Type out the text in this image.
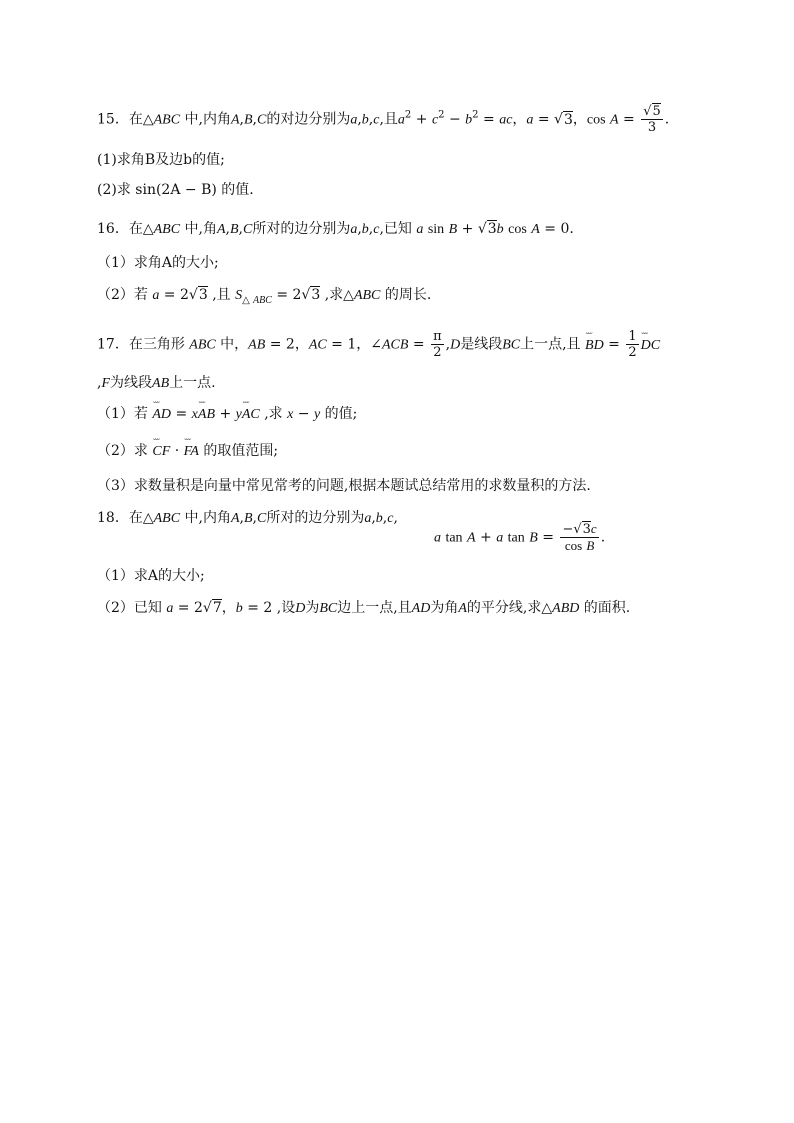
15．在△ABC 中,内角A,B,C的对边分别为a,b,c,且$a^2 + c^2 - b^2$ = ac，a = √3，$\cos A = \frac{√5}{3}$ .
(1)求角B及边b的值;
(2)求 sin(2A − B) 的值.
16．在△ABC 中,角A,B,C所对的边分别为a,b,c,已知 a sin B + √3b cos A = 0.
（1）求角A的大小;
（2）若 a = 2√3 ,且 $S_{\triangle ABC} = 2√3$ ,求△ABC 的周长.
17．在三角形 ABC 中，AB = 2，AC = 1，∠ACB = $\frac{\pi}{2} ,D$是线段BC上一点,且 ˘˘˘ BD = $\frac{1}{2}$
˘˘˘ DC
,F为线段AB上一点.
（1）若 ˘˘˘ AD = x˘˘˘ AB + y˘˘˘ AC ,求 x − y 的值;
（2）求 ˘˘˘ CF · ˘˘˘ FA 的取值范围;
（3）求数量积是向量中常见常考的问题,根据本题试总结常用的求数量积的方法.
18．在△ABC 中,内角A,B,C所对的边分别为a,b,c,
a tan A + a $\tan B = \frac{-√3c}{\text{cos B}}$ .
（1）求A的大小;
（2）已知 a = 2√7，b = 2 ,设D为BC边上一点,且AD为角A的平分线,求△ABD 的面积.
